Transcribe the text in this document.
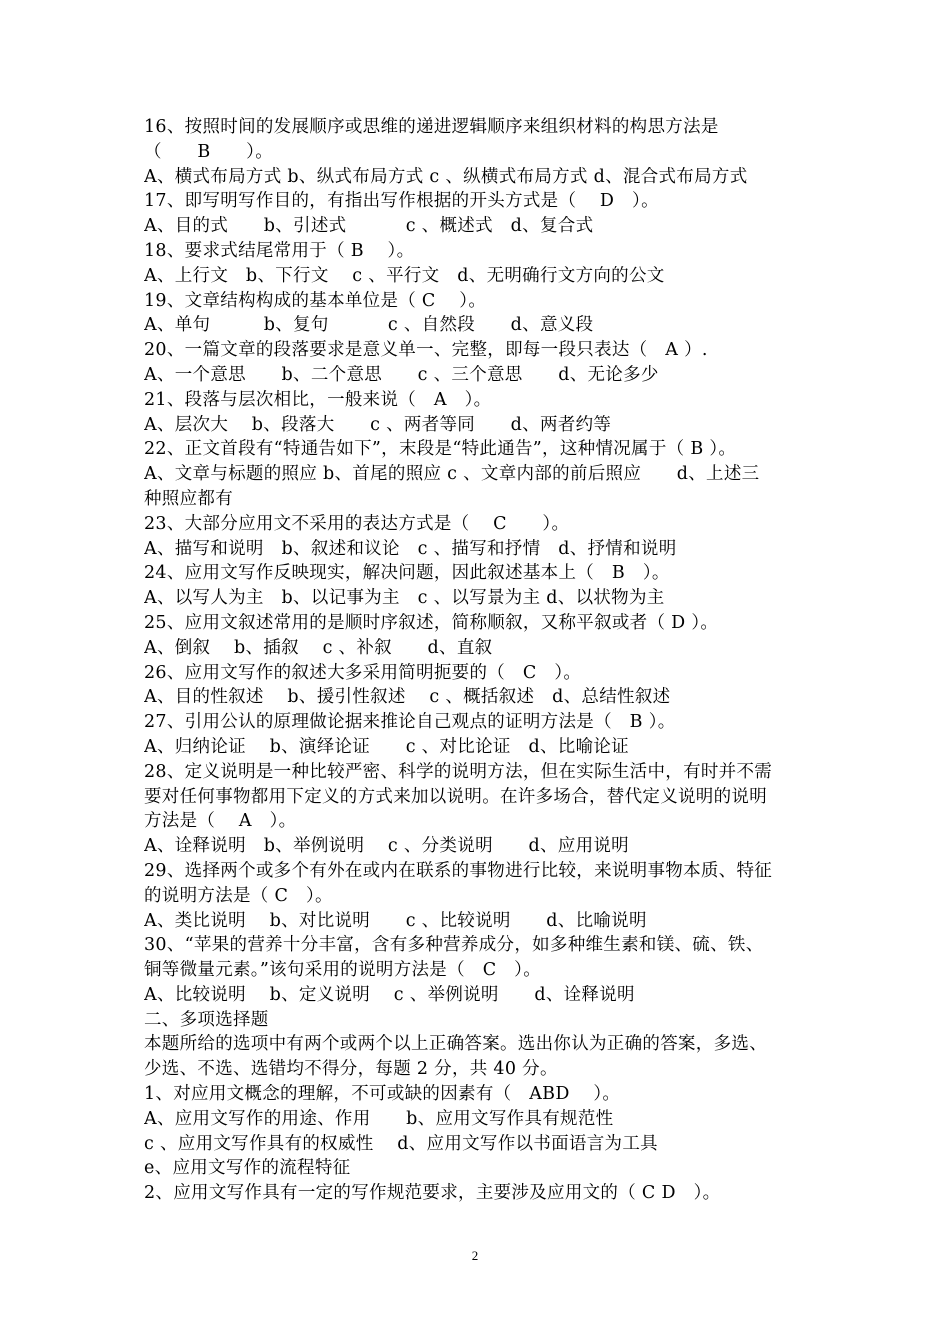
16、按照时间的发展顺序或思维的递进逻辑顺序来组织材料的构思方法是
（　　B　　）。
A、横式布局方式 b、纵式布局方式 c 、纵横式布局方式 d、混合式布局方式
17、即写明写作目的，有指出写作根据的开头方式是（　 D　）。
A、目的式　　b、引述式　　　 c 、概述式　d、复合式
18、要求式结尾常用于（ B　 ）。
A、上行文　b、下行文　 c 、平行文　d、无明确行文方向的公文
19、文章结构构成的基本单位是（ C　 ）。
A、单句　　　b、复句　　　 c 、自然段　　d、意义段
20、一篇文章的段落要求是意义单一、完整，即每一段只表达（　A ）.
A、一个意思　　b、二个意思　　c 、三个意思　　d、无论多少
21、段落与层次相比，一般来说（　A　）。
A、层次大　 b、段落大　　c 、两者等同　　d、两者约等
22、正文首段有“特通告如下”，末段是“特此通告”，这种情况属于（ B ）。
A、文章与标题的照应 b、首尾的照应 c 、文章内部的前后照应　　d、上述三
种照应都有
23、大部分应用文不采用的表达方式是（　 C　　）。
A、描写和说明　b、叙述和议论　c 、描写和抒情　d、抒情和说明
24、应用文写作反映现实，解决问题，因此叙述基本上（　B　）。
A、以写人为主　b、以记事为主　c 、以写景为主 d、以状物为主
25、应用文叙述常用的是顺时序叙述，简称顺叙，又称平叙或者（ D ）。
A、倒叙　 b、插叙　 c 、补叙　　d、直叙
26、应用文写作的叙述大多采用简明扼要的（　C　）。
A、目的性叙述　 b、援引性叙述　 c 、概括叙述　d、总结性叙述
27、引用公认的原理做论据来推论自己观点的证明方法是（　B ）。
A、归纳论证　 b、演绎论证　　c 、对比论证　d、比喻论证
28、定义说明是一种比较严密、科学的说明方法，但在实际生活中，有时并不需
要对任何事物都用下定义的方式来加以说明。在许多场合，替代定义说明的说明
方法是（　 A　）。
A、诠释说明　b、举例说明　 c 、分类说明　　d、应用说明
29、选择两个或多个有外在或内在联系的事物进行比较，来说明事物本质、特征
的说明方法是（ C　）。
A、类比说明　 b、对比说明　　c 、比较说明　　d、比喻说明
30、“苹果的营养十分丰富，含有多种营养成分，如多种维生素和镁、硫、铁、
铜等微量元素。”该句采用的说明方法是（　C　）。
A、比较说明　 b、定义说明　 c 、举例说明　　d、诠释说明
二、多项选择题
本题所给的选项中有两个或两个以上正确答案。选出你认为正确的答案，多选、
少选、不选、选错均不得分，每题 2 分，共 40 分。
1、对应用文概念的理解，不可或缺的因素有（　ABD　 ）。
A、应用文写作的用途、作用　　b、应用文写作具有规范性
c 、应用文写作具有的权威性　 d、应用文写作以书面语言为工具
e、应用文写作的流程特征
2、应用文写作具有一定的写作规范要求，主要涉及应用文的（ C D　）。
2
